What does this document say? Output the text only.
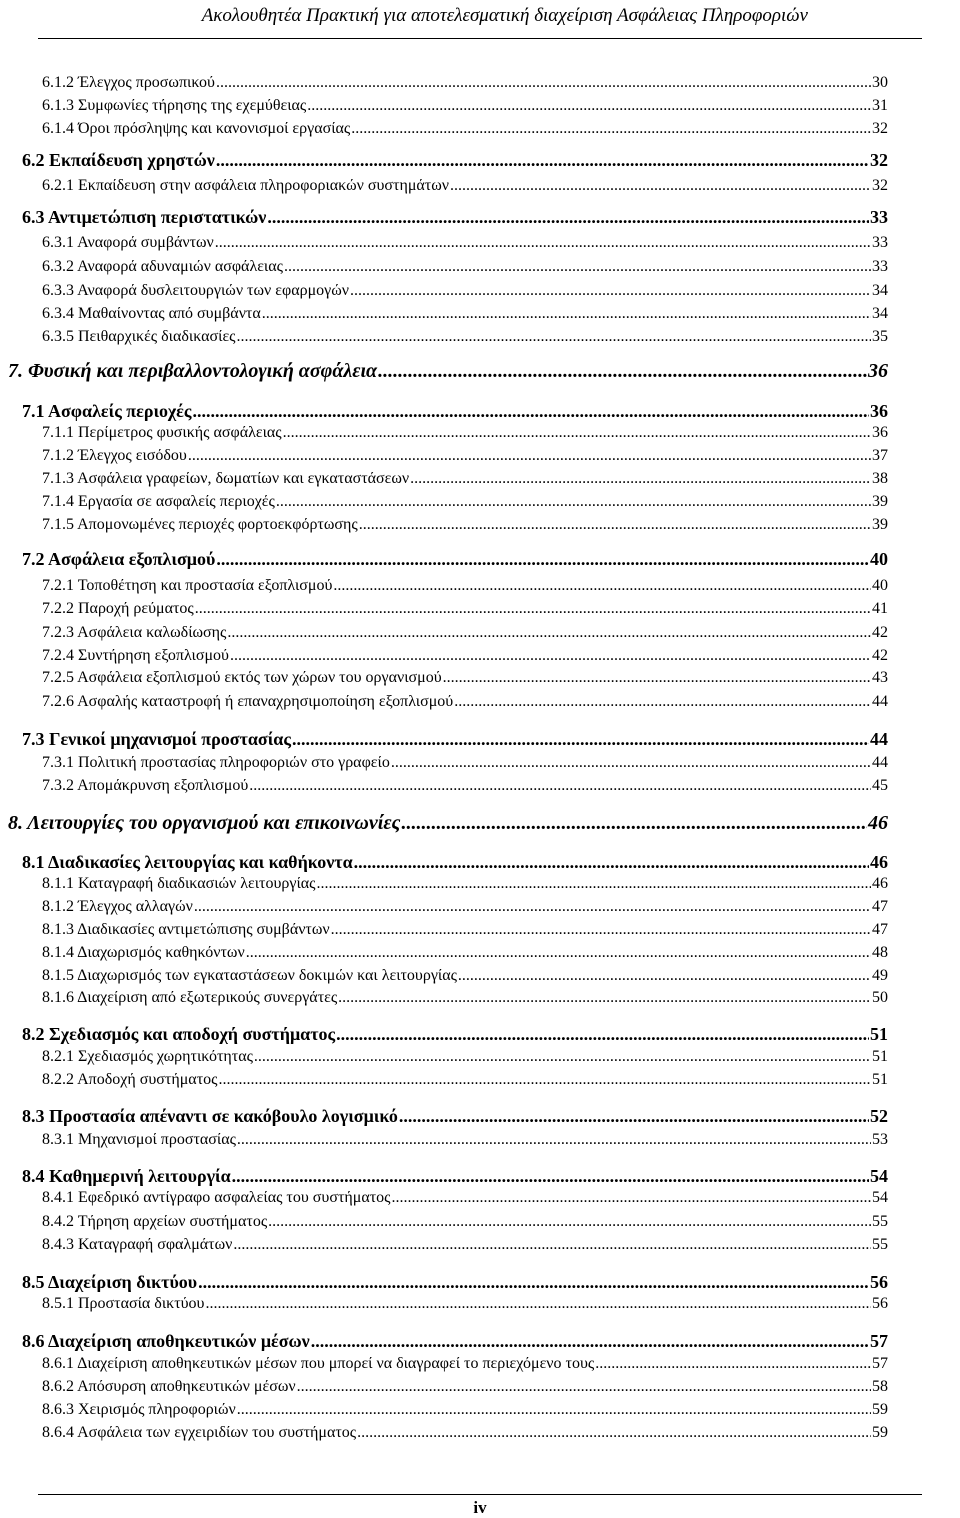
Ακολουθητέα Πρακτική για αποτελεσματική διαχείριση Ασφάλειας Πληροφοριών
6.1.2 Έλεγχος προσωπικού .....	30
6.1.3 Συμφωνίες τήρησης της εχεμύθειας .....	31
6.1.4 Όροι πρόσληψης και κανονισμοί εργασίας .....	32
6.2 Εκπαίδευση χρηστών .....	32
6.2.1 Εκπαίδευση στην ασφάλεια πληροφοριακών συστημάτων .....	32
6.3 Αντιμετώπιση περιστατικών .....	33
6.3.1 Αναφορά συμβάντων .....	33
6.3.2 Αναφορά αδυναμιών ασφάλειας .....	33
6.3.3 Αναφορά δυσλειτουργιών των εφαρμογών .....	34
6.3.4 Μαθαίνοντας από συμβάντα .....	34
6.3.5 Πειθαρχικές διαδικασίες .....	35
7. Φυσική και περιβαλλοντολογική ασφάλεια .....	36
7.1 Ασφαλείς περιοχές .....	36
7.1.1 Περίμετρος φυσικής ασφάλειας .....	36
7.1.2 Έλεγχος εισόδου .....	37
7.1.3 Ασφάλεια γραφείων, δωματίων και εγκαταστάσεων .....	38
7.1.4 Εργασία σε ασφαλείς περιοχές .....	39
7.1.5 Απομονωμένες περιοχές φορτοεκφόρτωσης .....	39
7.2 Ασφάλεια εξοπλισμού .....	40
7.2.1 Τοποθέτηση και προστασία εξοπλισμού .....	40
7.2.2 Παροχή ρεύματος .....	41
7.2.3 Ασφάλεια καλωδίωσης .....	42
7.2.4 Συντήρηση εξοπλισμού .....	42
7.2.5 Ασφάλεια εξοπλισμού εκτός των χώρων του οργανισμού .....	43
7.2.6 Ασφαλής καταστροφή ή επαναχρησιμοποίηση εξοπλισμού .....	44
7.3 Γενικοί μηχανισμοί προστασίας .....	44
7.3.1 Πολιτική προστασίας πληροφοριών στο γραφείο .....	44
7.3.2 Απομάκρυνση εξοπλισμού .....	45
8. Λειτουργίες του οργανισμού και επικοινωνίες .....	46
8.1 Διαδικασίες λειτουργίας και καθήκοντα .....	46
8.1.1 Καταγραφή διαδικασιών λειτουργίας .....	46
8.1.2 Έλεγχος αλλαγών .....	47
8.1.3 Διαδικασίες αντιμετώπισης συμβάντων .....	47
8.1.4 Διαχωρισμός καθηκόντων .....	48
8.1.5 Διαχωρισμός των εγκαταστάσεων δοκιμών και λειτουργίας .....	49
8.1.6 Διαχείριση από εξωτερικούς συνεργάτες .....	50
8.2 Σχεδιασμός και αποδοχή συστήματος .....	51
8.2.1 Σχεδιασμός χωρητικότητας .....	51
8.2.2 Αποδοχή συστήματος .....	51
8.3 Προστασία απέναντι σε κακόβουλο λογισμικό .....	52
8.3.1 Μηχανισμοί προστασίας .....	53
8.4 Καθημερινή λειτουργία .....	54
8.4.1 Εφεδρικό αντίγραφο ασφαλείας του συστήματος .....	54
8.4.2 Τήρηση αρχείων συστήματος .....	55
8.4.3 Καταγραφή σφαλμάτων .....	55
8.5 Διαχείριση δικτύου .....	56
8.5.1 Προστασία δικτύου .....	56
8.6 Διαχείριση αποθηκευτικών μέσων .....	57
8.6.1 Διαχείριση αποθηκευτικών μέσων που μπορεί να διαγραφεί το περιεχόμενο τους .....	57
8.6.2 Απόσυρση αποθηκευτικών μέσων .....	58
8.6.3 Χειρισμός πληροφοριών .....	59
8.6.4 Ασφάλεια των εγχειριδίων του συστήματος .....	59
iv
